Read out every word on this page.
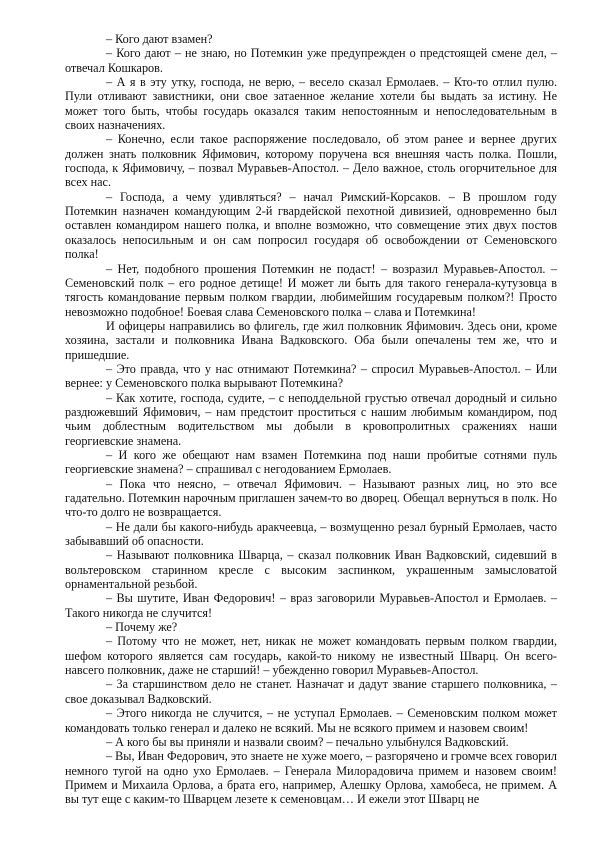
– Кого дают взамен?

– Кого дают – не знаю, но Потемкин уже предупрежден о предстоящей смене дел, – отвечал Кошкаров.

– А я в эту утку, господа, не верю, – весело сказал Ермолаев. – Кто-то отлил пулю. Пули отливают завистники, они свое затаенное желание хотели бы выдать за истину. Не может того быть, чтобы государь оказался таким непостоянным и непоследовательным в своих назначениях.

– Конечно, если такое распоряжение последовало, об этом ранее и вернее других должен знать полковник Яфимович, которому поручена вся внешняя часть полка. Пошли, господа, к Яфимовичу, – позвал Муравьев-Апостол. – Дело важное, столь огорчительное для всех нас.

– Господа, а чему удивляться? – начал Римский-Корсаков. – В прошлом году Потемкин назначен командующим 2-й гвардейской пехотной дивизией, одновременно был оставлен командиром нашего полка, и вполне возможно, что совмещение этих двух постов оказалось непосильным и он сам попросил государя об освобождении от Семеновского полка!

– Нет, подобного прошения Потемкин не подаст! – возразил Муравьев-Апостол. – Семеновский полк – его родное детище! И может ли быть для такого генерала-кутузовца в тягость командование первым полком гвардии, любимейшим государевым полком?! Просто невозможно подобное! Боевая слава Семеновского полка – слава и Потемкина!

И офицеры направились во флигель, где жил полковник Яфимович. Здесь они, кроме хозяина, застали и полковника Ивана Вадковского. Оба были опечалены тем же, что и пришедшие.

– Это правда, что у нас отнимают Потемкина? – спросил Муравьев-Апостол. – Или вернее: у Семеновского полка вырывают Потемкина?

– Как хотите, господа, судите, – с неподдельной грустью отвечал дородный и сильно раздюжевший Яфимович, – нам предстоит проститься с нашим любимым командиром, под чьим доблестным водительством мы добыли в кровопролитных сражениях наши георгиевские знамена.

– И кого же обещают нам взамен Потемкина под наши пробитые сотнями пуль георгиевские знамена? – спрашивал с негодованием Ермолаев.

– Пока что неясно, – отвечал Яфимович. – Называют разных лиц, но это все гадательно. Потемкин нарочным приглашен зачем-то во дворец. Обещал вернуться в полк. Но что-то долго не возвращается.

– Не дали бы какого-нибудь аракчеевца, – возмущенно резал бурный Ермолаев, часто забывавший об опасности.

– Называют полковника Шварца, – сказал полковник Иван Вадковский, сидевший в вольтеровском старинном кресле с высоким заспинком, украшенным замысловатой орнаментальной резьбой.

– Вы шутите, Иван Федорович! – враз заговорили Муравьев-Апостол и Ермолаев. – Такого никогда не случится!

– Почему же?

– Потому что не может, нет, никак не может командовать первым полком гвардии, шефом которого является сам государь, какой-то никому не известный Шварц. Он всего-навсего полковник, даже не старший! – убежденно говорил Муравьев-Апостол.

– За старшинством дело не станет. Назначат и дадут звание старшего полковника, – свое доказывал Вадковский.

– Этого никогда не случится, – не уступал Ермолаев. – Семеновским полком может командовать только генерал и далеко не всякий. Мы не всякого примем и назовем своим!

– А кого бы вы приняли и назвали своим? – печально улыбнулся Вадковский.

– Вы, Иван Федорович, это знаете не хуже моего, – разгорячено и громче всех говорил немного тугой на одно ухо Ермолаев. – Генерала Милорадовича примем и назовем своим! Примем и Михаила Орлова, а брата его, например, Алешку Орлова, хамобеса, не примем. А вы тут еще с каким-то Шварцем лезете к семеновцам… И ежели этот Шварц не
